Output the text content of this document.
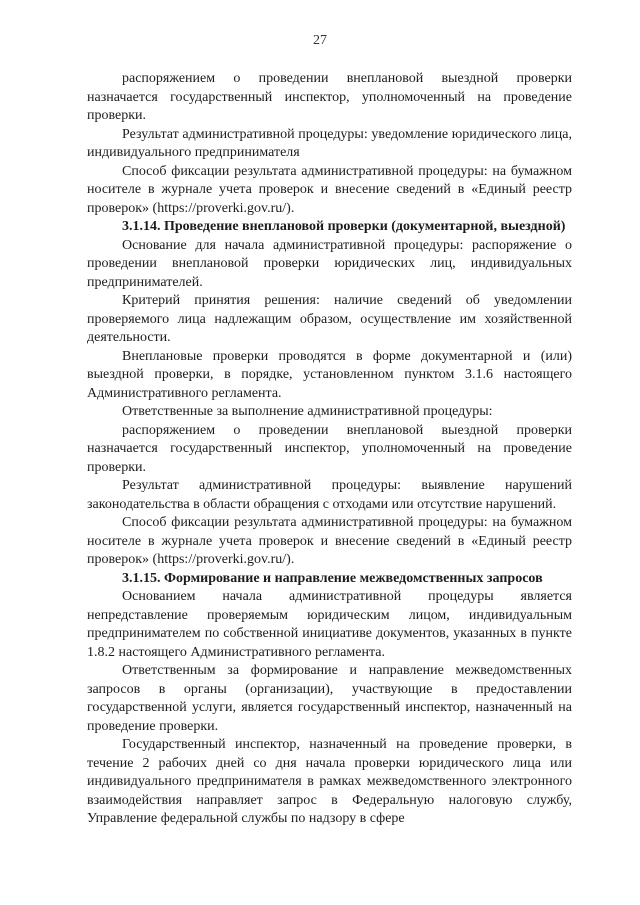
27

распоряжением о проведении внеплановой выездной проверки назначается государственный инспектор, уполномоченный на проведение проверки.

Результат административной процедуры: уведомление юридического лица, индивидуального предпринимателя

Способ фиксации результата административной процедуры: на бумажном носителе в журнале учета проверок и внесение сведений в «Единый реестр проверок» (https://proverki.gov.ru/).

3.1.14. Проведение внеплановой проверки (документарной, выездной)

Основание для начала административной процедуры: распоряжение о проведении внеплановой проверки юридических лиц, индивидуальных предпринимателей.

Критерий принятия решения: наличие сведений об уведомлении проверяемого лица надлежащим образом, осуществление им хозяйственной деятельности.

Внеплановые проверки проводятся в форме документарной и (или) выездной проверки, в порядке, установленном пунктом 3.1.6 настоящего Административного регламента.

Ответственные за выполнение административной процедуры:

распоряжением о проведении внеплановой выездной проверки назначается государственный инспектор, уполномоченный на проведение проверки.

Результат административной процедуры: выявление нарушений законодательства в области обращения с отходами или отсутствие нарушений.

Способ фиксации результата административной процедуры: на бумажном носителе в журнале учета проверок и внесение сведений в «Единый реестр проверок» (https://proverki.gov.ru/).

3.1.15. Формирование и направление межведомственных запросов

Основанием начала административной процедуры является непредставление проверяемым юридическим лицом, индивидуальным предпринимателем по собственной инициативе документов, указанных в пункте 1.8.2 настоящего Административного регламента.

Ответственным за формирование и направление межведомственных запросов в органы (организации), участвующие в предоставлении государственной услуги, является государственный инспектор, назначенный на проведение проверки.

Государственный инспектор, назначенный на проведение проверки, в течение 2 рабочих дней со дня начала проверки юридического лица или индивидуального предпринимателя в рамках межведомственного электронного взаимодействия направляет запрос в Федеральную налоговую службу, Управление федеральной службы по надзору в сфере
